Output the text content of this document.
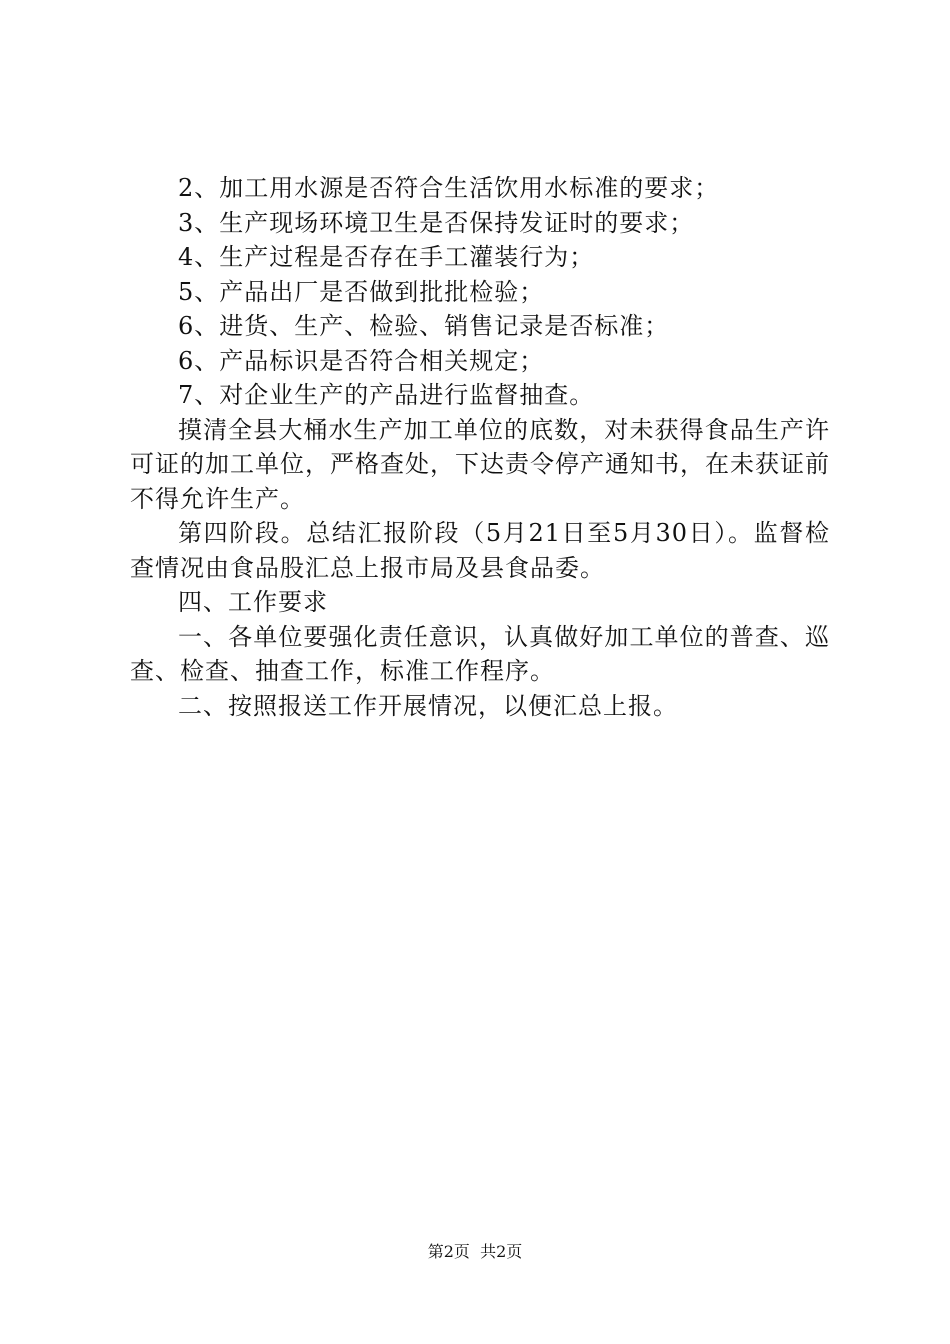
2、加工用水源是否符合生活饮用水标准的要求；

3、生产现场环境卫生是否保持发证时的要求；

4、生产过程是否存在手工灌装行为；

5、产品出厂是否做到批批检验；

6、进货、生产、检验、销售记录是否标准；

6、产品标识是否符合相关规定；

7、对企业生产的产品进行监督抽查。

摸清全县大桶水生产加工单位的底数，对未获得食品生产许可证的加工单位，严格查处，下达责令停产通知书，在未获证前不得允许生产。

第四阶段。总结汇报阶段（5月21日至5月30日）。监督检查情况由食品股汇总上报市局及县食品委。

四、工作要求

一、各单位要强化责任意识，认真做好加工单位的普查、巡查、检查、抽查工作，标准工作程序。

二、按照报送工作开展情况，以便汇总上报。

第2页 共2页
